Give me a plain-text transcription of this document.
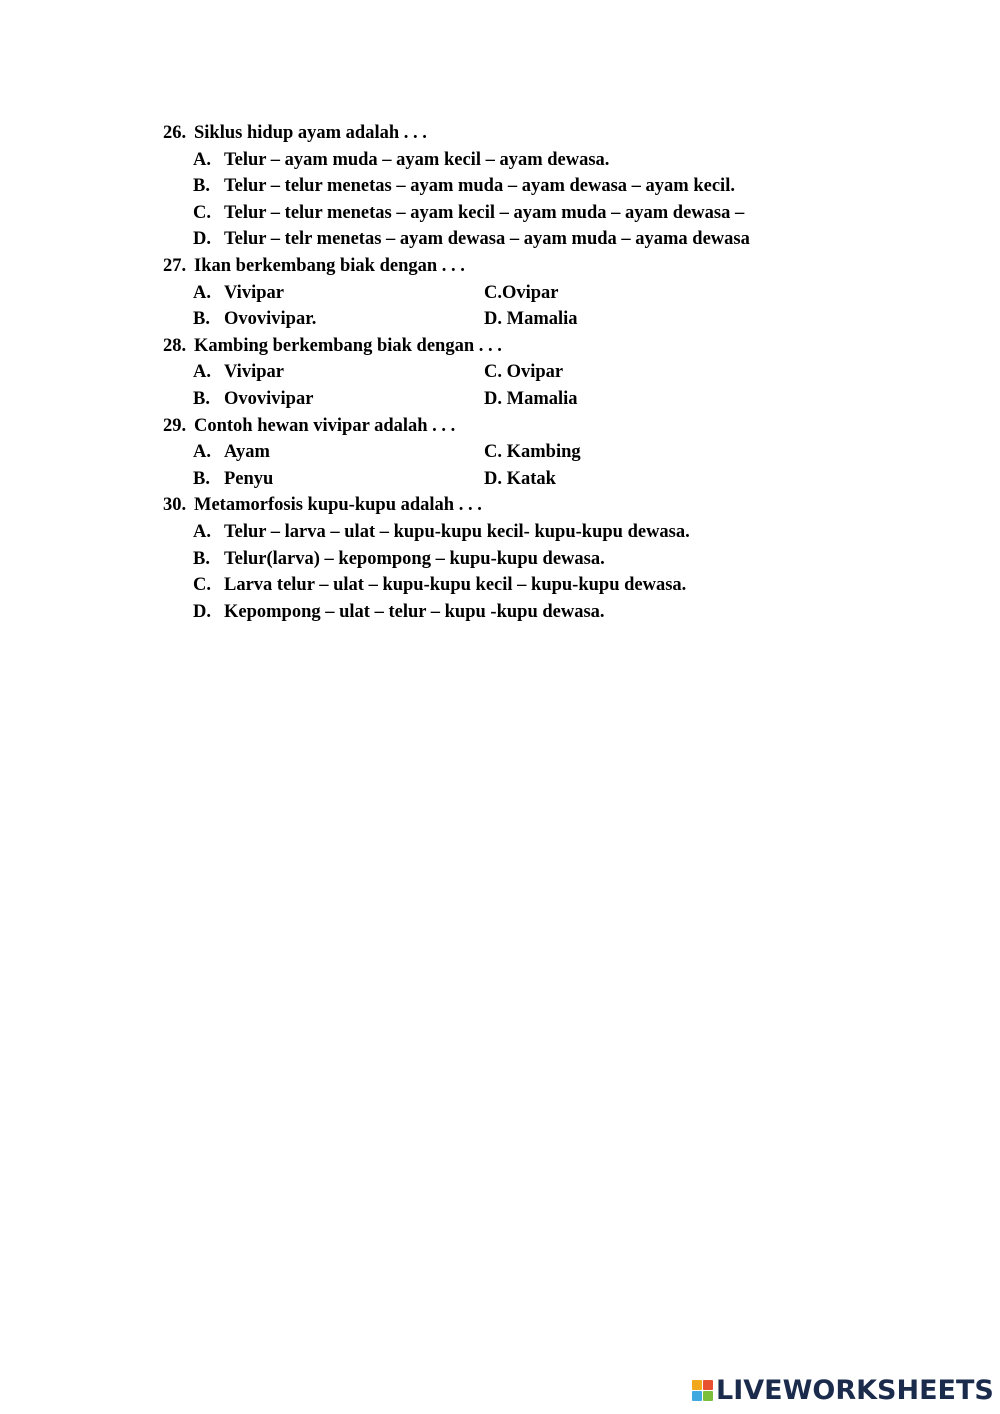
26. Siklus hidup ayam adalah . . .
A. Telur – ayam muda – ayam kecil – ayam dewasa.
B. Telur – telur menetas – ayam muda – ayam dewasa – ayam kecil.
C. Telur – telur menetas – ayam kecil – ayam muda – ayam dewasa –
D. Telur – telr menetas – ayam dewasa – ayam muda – ayama dewasa
27. Ikan berkembang biak dengan . . .
A. Vivipar	C.Ovipar
B. Ovovivipar.	D. Mamalia
28. Kambing berkembang biak dengan . . .
A. Vivipar	C. Ovipar
B. Ovovivipar	D. Mamalia
29. Contoh hewan vivipar adalah . . .
A. Ayam	C. Kambing
B. Penyu	D. Katak
30. Metamorfosis kupu-kupu adalah . . .
A. Telur – larva – ulat – kupu-kupu kecil- kupu-kupu dewasa.
B. Telur(larva) – kepompong – kupu-kupu dewasa.
C. Larva telur – ulat – kupu-kupu kecil – kupu-kupu dewasa.
D. Kepompong – ulat – telur – kupu -kupu dewasa.
LIVEWORKSHEETS
